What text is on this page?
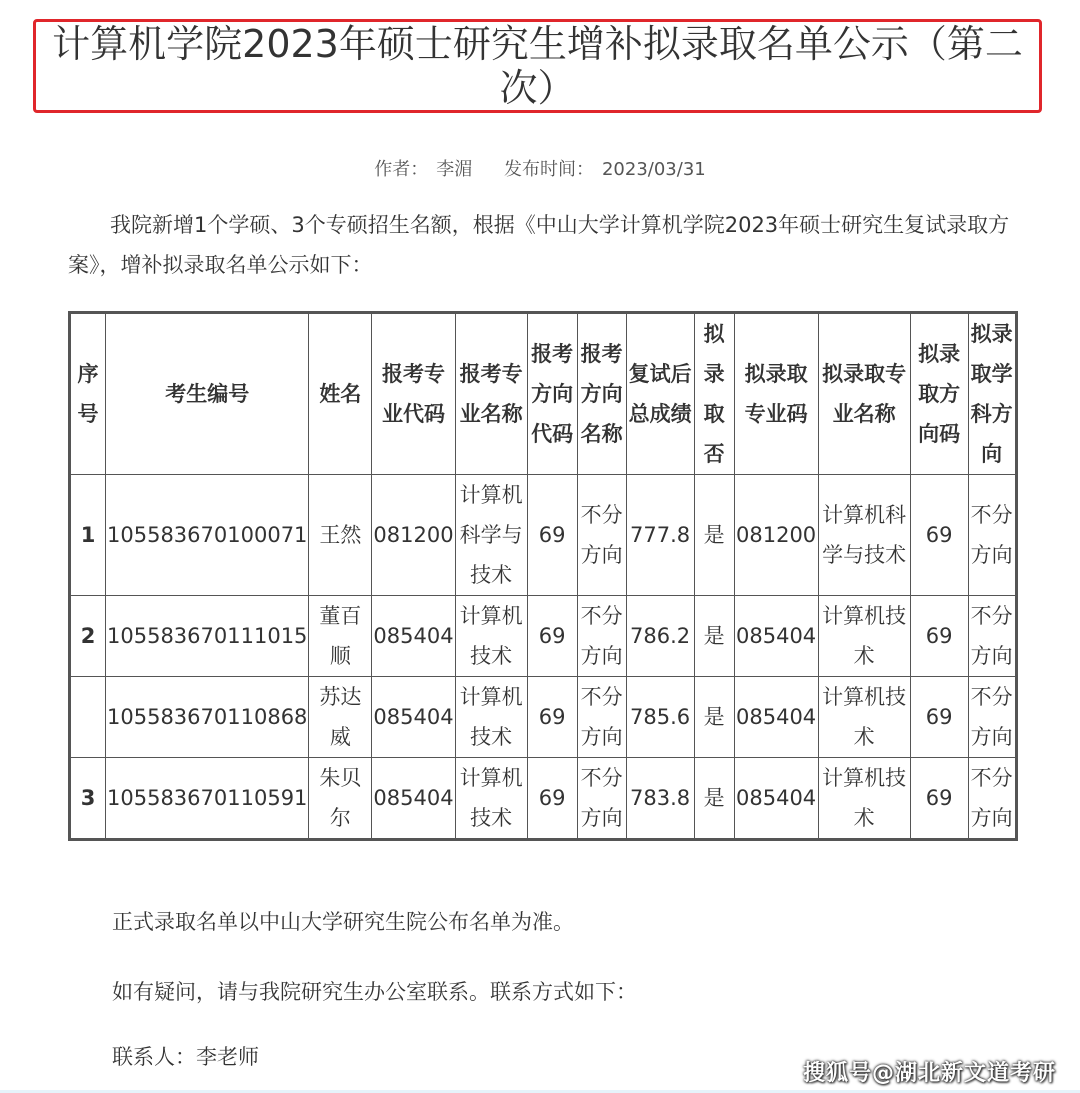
计算机学院2023年硕士研究生增补拟录取名单公示（第二次）
作者： 李湄 发布时间： 2023/03/31

我院新增1个学硕、3个专硕招生名额，根据《中山大学计算机学院2023年硕士研究生复试录取方案》，增补拟录取名单公示如下：

序号	考生编号	姓名	报考专业代码	报考专业名称	报考方向代码	报考方向名称	复试后总成绩	拟录取否	拟录取专业码	拟录取专业名称	拟录取方向码	拟录取学科方向
1	105583670100071	王然	081200	计算机科学与技术	69	不分方向	777.8	是	081200	计算机科学与技术	69	不分方向
2	105583670111015	董百顺	085404	计算机技术	69	不分方向	786.2	是	085404	计算机技术	69	不分方向
	105583670110868	苏达威	085404	计算机技术	69	不分方向	785.6	是	085404	计算机技术	69	不分方向
3	105583670110591	朱贝尔	085404	计算机技术	69	不分方向	783.8	是	085404	计算机技术	69	不分方向

正式录取名单以中山大学研究生院公布名单为准。

如有疑问，请与我院研究生办公室联系。联系方式如下：

联系人：李老师

搜狐号@湖北新文道考研
